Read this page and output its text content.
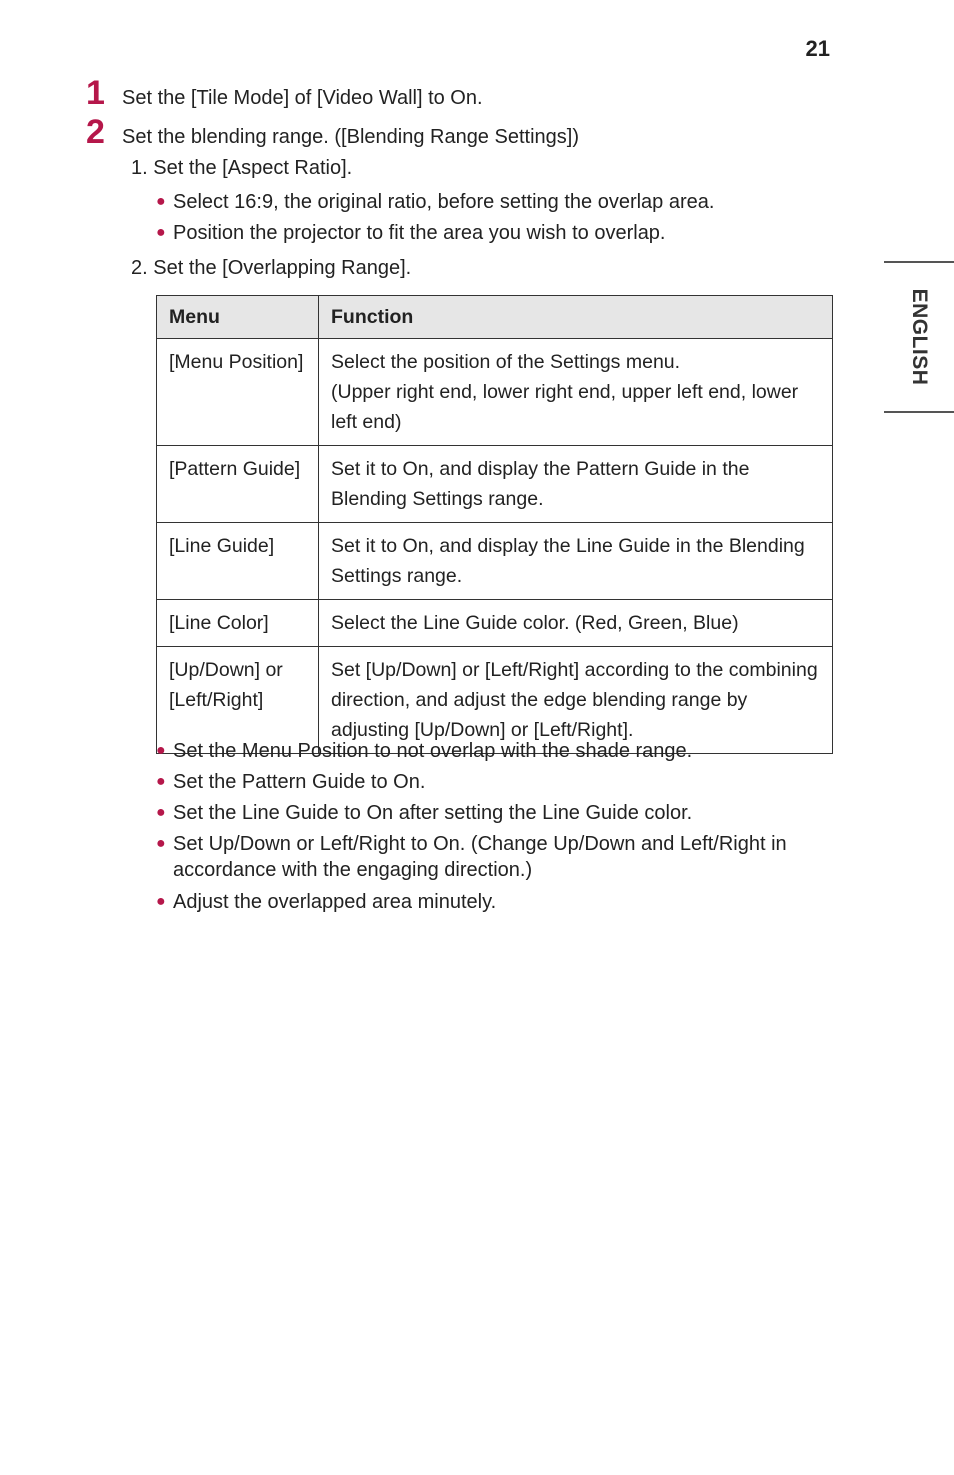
21
ENGLISH
1 Set the [Tile Mode] of [Video Wall] to On.
2 Set the blending range. ([Blending Range Settings])
1. Set the [Aspect Ratio].
● Select 16:9, the original ratio, before setting the overlap area.
● Position the projector to fit the area you wish to overlap.
2. Set the [Overlapping Range].
Menu	Function
[Menu Position]	Select the position of the Settings menu.
(Upper right end, lower right end, upper left end, lower left end)

[Pattern Guide]	Set it to On, and display the Pattern Guide in the Blending Settings range.

[Line Guide]	Set it to On, and display the Line Guide in the Blending Settings range.

[Line Color]	Select the Line Guide color. (Red, Green, Blue)

[Up/Down] or [Left/Right]	Set [Up/Down] or [Left/Right] according to the combining direction, and adjust the edge blending range by adjusting [Up/Down] or [Left/Right].
● Set the Menu Position to not overlap with the shade range.
● Set the Pattern Guide to On.
● Set the Line Guide to On after setting the Line Guide color.
● Set Up/Down or Left/Right to On. (Change Up/Down and Left/Right in accordance with the engaging direction.)
● Adjust the overlapped area minutely.
